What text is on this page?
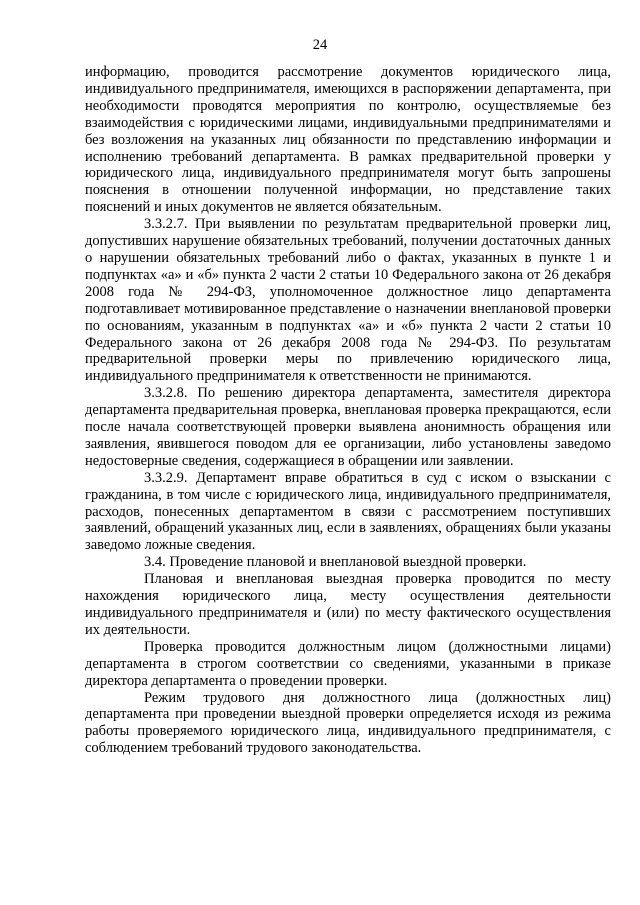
24

информацию, проводится рассмотрение документов юридического лица, индивидуального предпринимателя, имеющихся в распоряжении департамента, при необходимости проводятся мероприятия по контролю, осуществляемые без взаимодействия с юридическими лицами, индивидуальными предпринимателями и без возложения на указанных лиц обязанности по представлению информации и исполнению требований департамента. В рамках предварительной проверки у юридического лица, индивидуального предпринимателя могут быть запрошены пояснения в отношении полученной информации, но представление таких пояснений и иных документов не является обязательным.

3.3.2.7. При выявлении по результатам предварительной проверки лиц, допустивших нарушение обязательных требований, получении достаточных данных о нарушении обязательных требований либо о фактах, указанных в пункте 1 и подпунктах «а» и «б» пункта 2 части 2 статьи 10 Федерального закона от 26 декабря 2008 года № 294-ФЗ, уполномоченное должностное лицо департамента подготавливает мотивированное представление о назначении внеплановой проверки по основаниям, указанным в подпунктах «а» и «б» пункта 2 части 2 статьи 10 Федерального закона от 26 декабря 2008 года № 294-ФЗ. По результатам предварительной проверки меры по привлечению юридического лица, индивидуального предпринимателя к ответственности не принимаются.

3.3.2.8. По решению директора департамента, заместителя директора департамента предварительная проверка, внеплановая проверка прекращаются, если после начала соответствующей проверки выявлена анонимность обращения или заявления, явившегося поводом для ее организации, либо установлены заведомо недостоверные сведения, содержащиеся в обращении или заявлении.

3.3.2.9. Департамент вправе обратиться в суд с иском о взыскании с гражданина, в том числе с юридического лица, индивидуального предпринимателя, расходов, понесенных департаментом в связи с рассмотрением поступивших заявлений, обращений указанных лиц, если в заявлениях, обращениях были указаны заведомо ложные сведения.

3.4. Проведение плановой и внеплановой выездной проверки.

Плановая и внеплановая выездная проверка проводится по месту нахождения юридического лица, месту осуществления деятельности индивидуального предпринимателя и (или) по месту фактического осуществления их деятельности.

Проверка проводится должностным лицом (должностными лицами) департамента в строгом соответствии со сведениями, указанными в приказе директора департамента о проведении проверки.

Режим трудового дня должностного лица (должностных лиц) департамента при проведении выездной проверки определяется исходя из режима работы проверяемого юридического лица, индивидуального предпринимателя, с соблюдением требований трудового законодательства.
